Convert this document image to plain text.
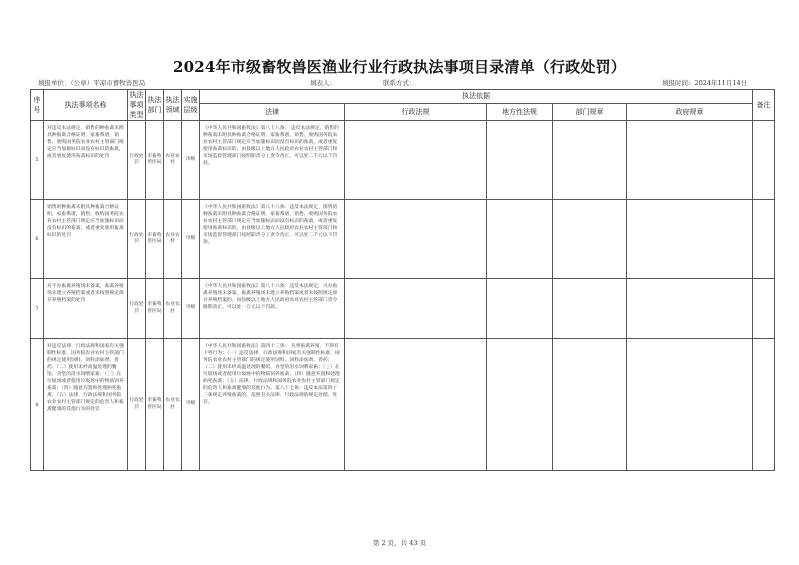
2024年市级畜牧兽医渔业行业行政执法事项目录清单（行政处罚）
填报单位：（公章）平凉市畜牧兽医局	填表人：	联系方式：	填报时间：2024年11月14日
序号	执法事项名称	执法事项类型	执法部门	执法领域	实施层级	执法依据					备注
						法律	行政法规	地方性法规	部门规章	政府规章	
5	对违反本法规定，销售的种畜禽未附具种畜禽合格证明、家畜系谱，销售、收购国务院农业农村主管部门规定应当加施标识而没有标识的畜禽，或者重复使用畜禽标识的处罚	行政处罚	市畜牧兽医局	农业农村	市级	《中华人民共和国畜牧法》第八十八条： 违反本法规定，销售的种畜禽未附具种畜禽合格证明、家畜系谱，销售、收购国务院农业农村主管部门规定应当加施标识而没有标识的畜禽，或者重复使用畜禽标识的，由县级以上地方人民政府农业农村主管部门和市场监督管理部门按照职责分工责令改正，可以处二千元以下罚款。					
6	销售的种畜禽未附具种畜禽合格证明、家畜系谱，销售、收购国务院农业农村主管部门规定应当加施标识而没有标识的畜禽，或者重复使用畜禽标识的处罚	行政处罚	市畜牧兽医局	农业农村	市级	《中华人民共和国畜牧法》第八十八条：违反本法规定，销售的种畜禽未附具种畜禽合格证明、家畜系谱，销售、收购国务院农业农村主管部门规定应当加施标识而没有标识的畜禽，或者重复使用畜禽标识的，由县级以上地方人民政府农业农村主管部门和市场监督管理部门按照职责分工责令改正，可以处二千元以下罚款。					
7	对不办畜禽养殖场未备案，畜禽养殖场未建立养殖档案或者未按照规定保存养殖档案的处罚	行政处罚	市畜牧兽医局	农业农村	市级	《中华人民共和国畜牧法》第八十六条：违反本法规定，兴办畜禽养殖场未备案，畜禽养殖场未建立养殖档案或者未按照规定保存养殖档案的，由县级以上地方人民政府农业农村主管部门责令限期改正，可以处一万元以下罚款。					
8	对违反法律、行政法规和国家有关强制性标准、国务院农业农村主管部门的规定使用饲料、饲料添加剂、兽药；（二）使用未经高温处理的餐馆、食堂的泔水饲喂家畜；（三）在垃圾场或者使用垃圾场中的物质饲养畜禽；（四）随意弃置和处理病死畜禽；（五）法律、行政法规和国务院农业农村主管部门规定的危害人和畜禽健康的其他行为的处罚	行政处罚	市畜牧兽医局	农业农村	市级	《中华人民共和国畜牧法》第四十三条： 从事畜禽养殖，不得有下列行为：（一）违反法律、行政法规和国家有关强制性标准、国务院农业农村主管部门的规定使用饲料、饲料添加剂、兽药；（二）使用未经高温处理的餐馆、食堂的泔水饲喂家畜；（三）在垃圾场或者使用垃圾场中的物质饲养畜禽；（四）随意弃置和处理病死畜禽；（五）法律、行政法规和国务院农业农村主管部门规定的危害人和畜禽健康的其他行为。第八十七条：违反本法第四十三条规定养殖畜禽的，依照有关法律、行政法规的规定处理、处罚。					
第 2 页，共 43 页
